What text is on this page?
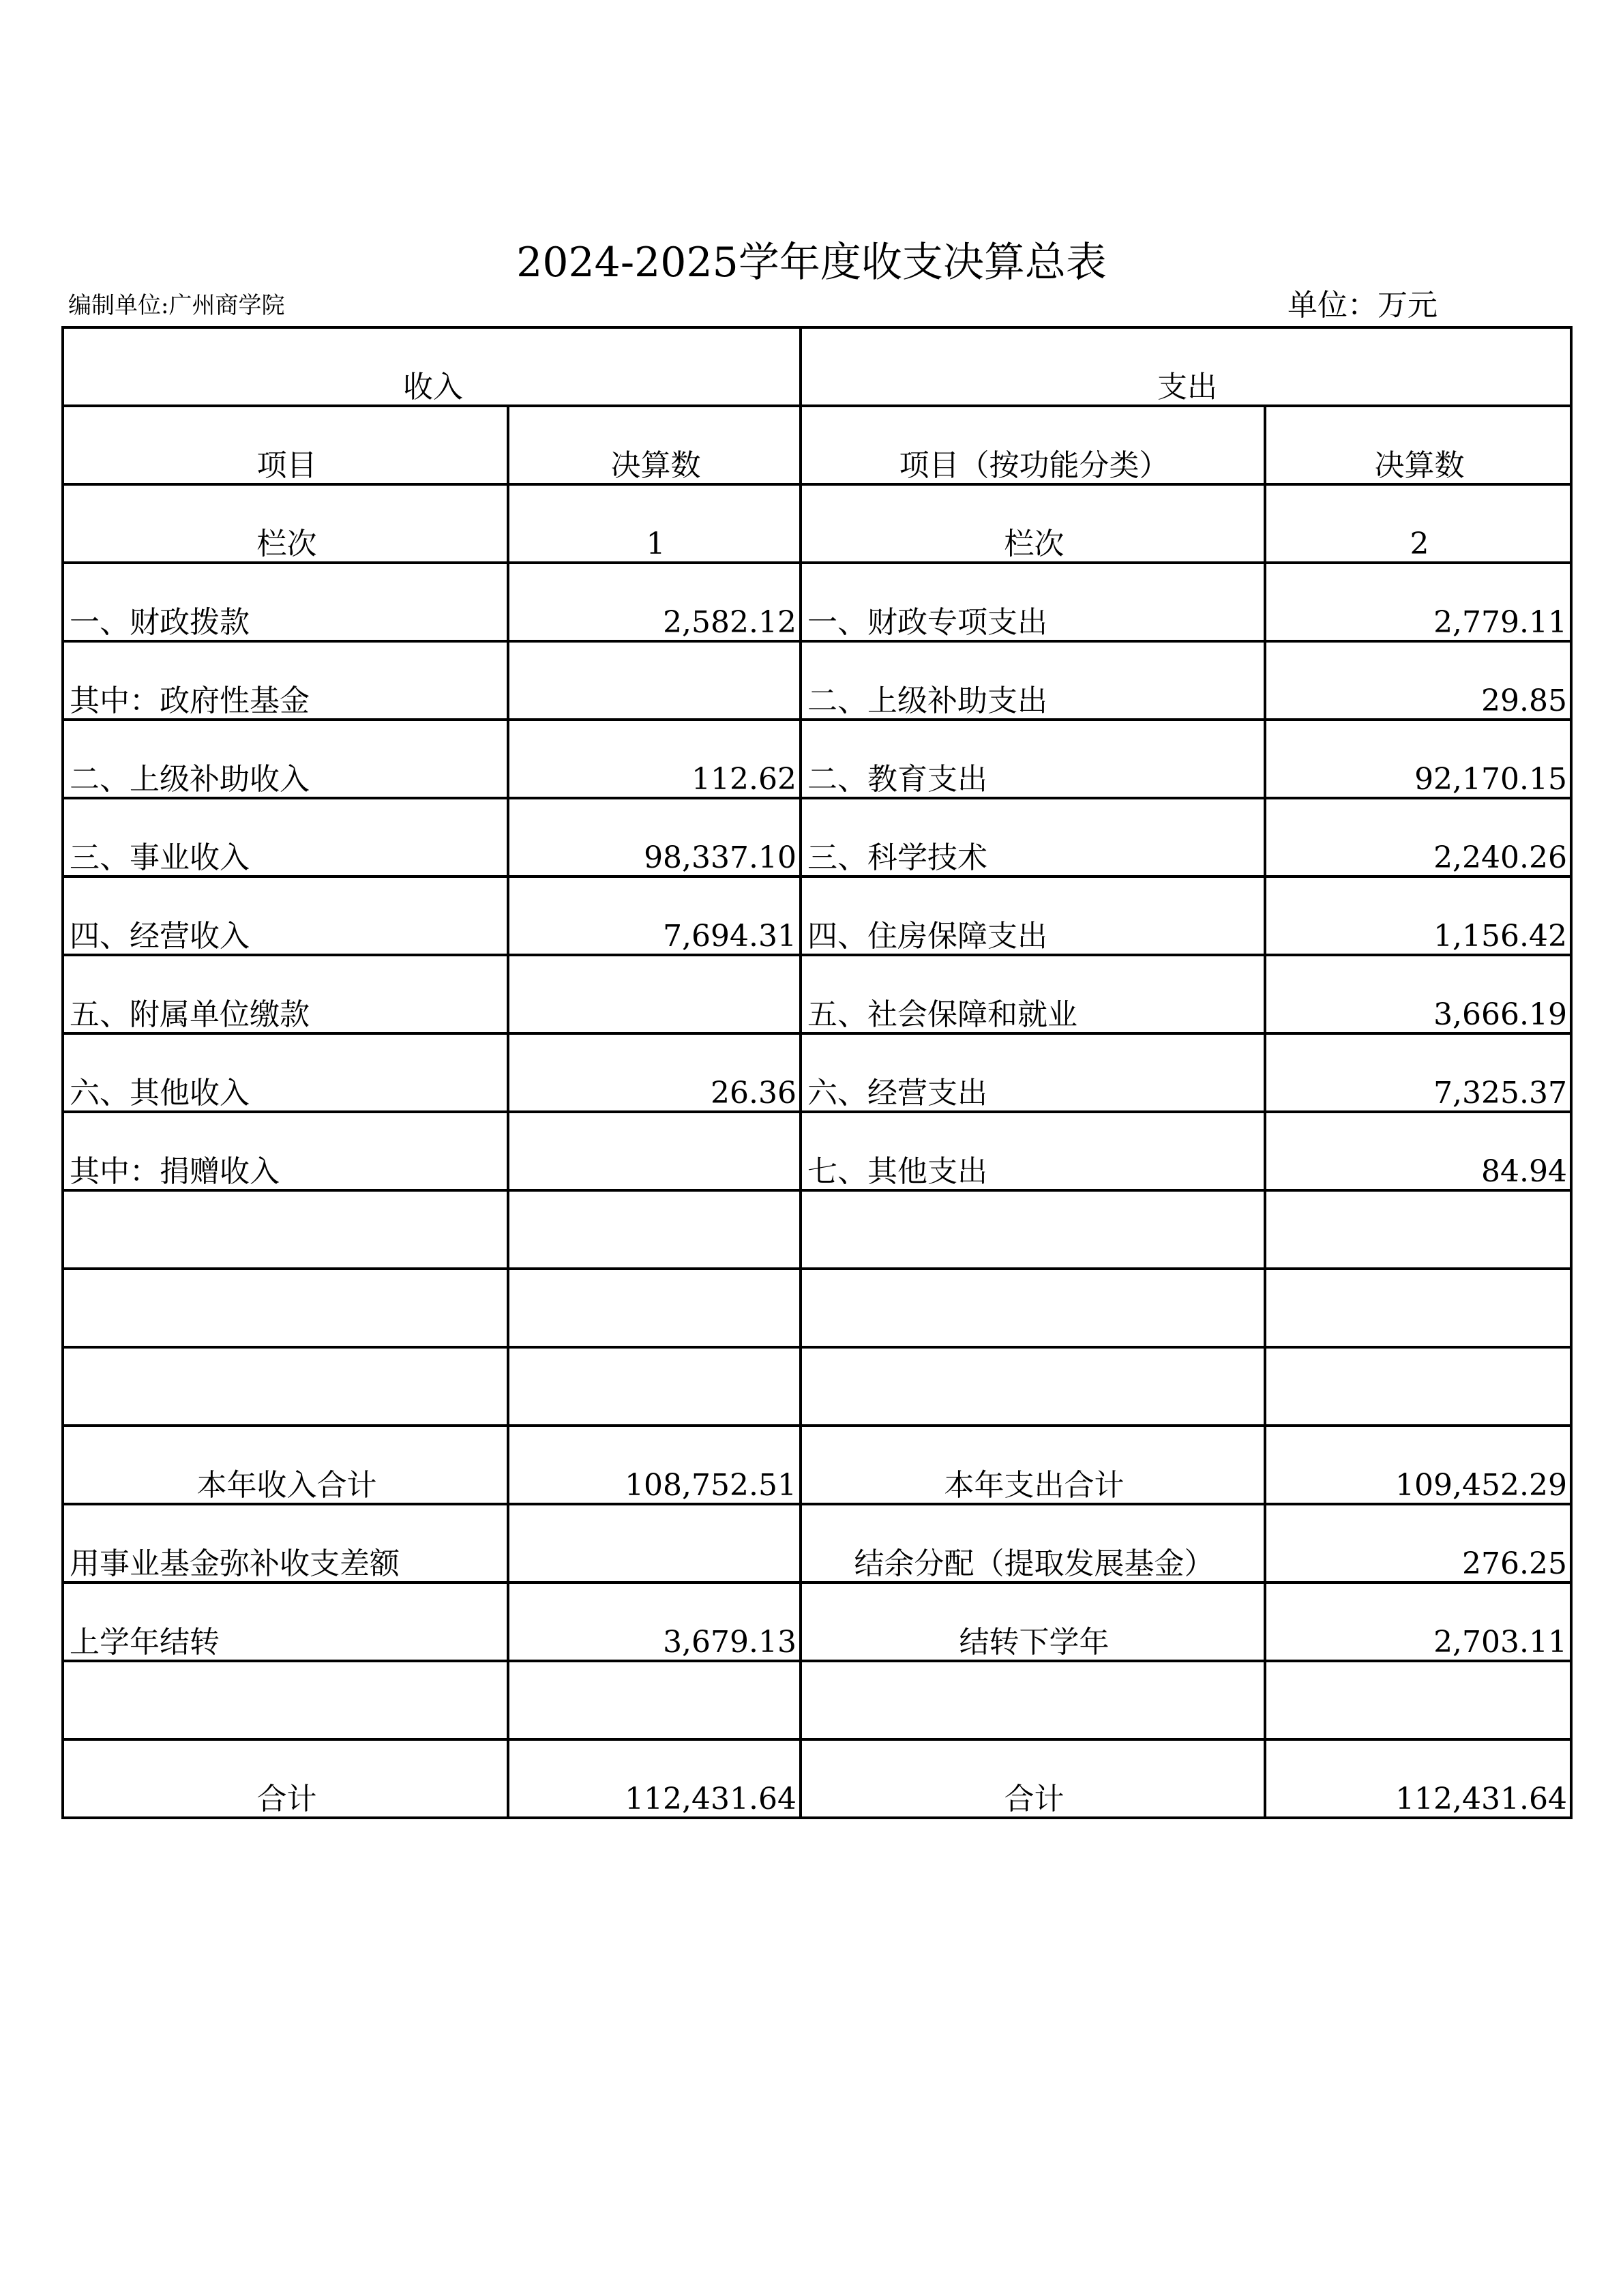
2024-2025学年度收支决算总表
编制单位:广州商学院	单位：万元
收入		支出	
项目	决算数	项目（按功能分类）	决算数
栏次	1	栏次	2
一、财政拨款	2,582.12	一、财政专项支出	2,779.11
其中：政府性基金		二、上级补助支出	29.85
二、上级补助收入	112.62	二、教育支出	92,170.15
三、事业收入	98,337.10	三、科学技术	2,240.26
四、经营收入	7,694.31	四、住房保障支出	1,156.42
五、附属单位缴款		五、社会保障和就业	3,666.19
六、其他收入	26.36	六、经营支出	7,325.37
其中：捐赠收入		七、其他支出	84.94

本年收入合计	108,752.51	本年支出合计	109,452.29
用事业基金弥补收支差额		结余分配（提取发展基金）	276.25
上学年结转	3,679.13	结转下学年	2,703.11

合计	112,431.64	合计	112,431.64
